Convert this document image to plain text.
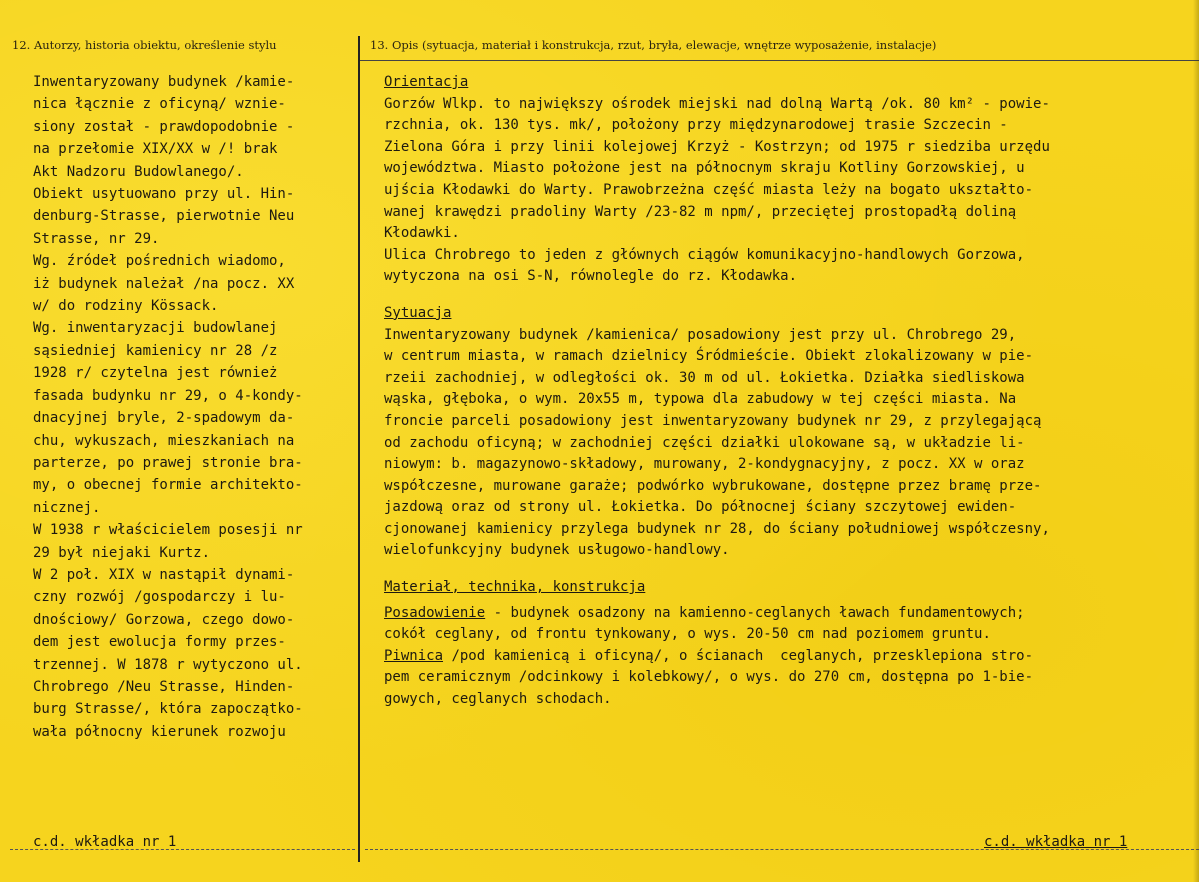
12. Autorzy, historia obiektu, określenie stylu	13. Opis (sytuacja, materiał i konstrukcja, rzut, bryła, elewacje, wnętrze wyposażenie, instalacje)
Inwentaryzowany budynek /kamie-
nica łącznie z oficyną/ wznie-
siony został - prawdopodobnie -
na przełomie XIX/XX w /! brak
Akt Nadzoru Budowlanego/.
Obiekt usytuowano przy ul. Hin-
denburg-Strasse, pierwotnie Neu
Strasse, nr 29.
Wg. źródeł pośrednich wiadomo,
iż budynek należał /na pocz. XX
w/ do rodziny Kössack.
Wg. inwentaryzacji budowlanej
sąsiedniej kamienicy nr 28 /z
1928 r/ czytelna jest również
fasada budynku nr 29, o 4-kondy-
dnacyjnej bryle, 2-spadowym da-
chu, wykuszach, mieszkaniach na
parterze, po prawej stronie bra-
my, o obecnej formie architekto-
nicznej.
W 1938 r właścicielem posesji nr
29 był niejaki Kurtz.
W 2 poł. XIX w nastąpił dynami-
czny rozwój /gospodarczy i lu-
dnościowy/ Gorzowa, czego dowo-
dem jest ewolucja formy przes-
trzennej. W 1878 r wytyczono ul.
Chrobrego /Neu Strasse, Hinden-
burg Strasse/, która zapoczątko-
wała północny kierunek rozwoju
Orientacja
Gorzów Wlkp. to największy ośrodek miejski nad dolną Wartą /ok. 80 km² - powie-
rzchnia, ok. 130 tys. mk/, położony przy międzynarodowej trasie Szczecin -
Zielona Góra i przy linii kolejowej Krzyż - Kostrzyn; od 1975 r siedziba urzędu
województwa. Miasto położone jest na północnym skraju Kotliny Gorzowskiej, u
ujścia Kłodawki do Warty. Prawobrzeżna część miasta leży na bogato ukształto-
wanej krawędzi pradoliny Warty /23-82 m npm/, przeciętej prostopadłą doliną
Kłodawki.
Ulica Chrobrego to jeden z głównych ciągów komunikacyjno-handlowych Gorzowa,
wytyczona na osi S-N, równolegle do rz. Kłodawka.
Sytuacja
Inwentaryzowany budynek /kamienica/ posadowiony jest przy ul. Chrobrego 29,
w centrum miasta, w ramach dzielnicy Śródmieście. Obiekt zlokalizowany w pie-
rzeii zachodniej, w odległości ok. 30 m od ul. Łokietka. Działka siedliskowa
wąska, głęboka, o wym. 20x55 m, typowa dla zabudowy w tej części miasta. Na
froncie parceli posadowiony jest inwentaryzowany budynek nr 29, z przylegającą
od zachodu oficyną; w zachodniej części działki ulokowane są, w układzie li-
niowym: b. magazynowo-składowy, murowany, 2-kondygnacyjny, z pocz. XX w oraz
współczesne, murowane garaże; podwórko wybrukowane, dostępne przez bramę prze-
jazdową oraz od strony ul. Łokietka. Do północnej ściany szczytowej ewiden-
cjonowanej kamienicy przylega budynek nr 28, do ściany południowej współczesny,
wielofunkcyjny budynek usługowo-handlowy.
Materiał, technika, konstrukcja
Posadowienie - budynek osadzony na kamienno-ceglanych ławach fundamentowych;
cokół ceglany, od frontu tynkowany, o wys. 20-50 cm nad poziomem gruntu.
Piwnica /pod kamienicą i oficyną/, o ścianach  ceglanych, przesklepiona stro-
pem ceramicznym /odcinkowy i kolebkowy/, o wys. do 270 cm, dostępna po 1-bie-
gowych, ceglanych schodach.
c.d. wkładka nr 1	c.d. wkładka nr 1
